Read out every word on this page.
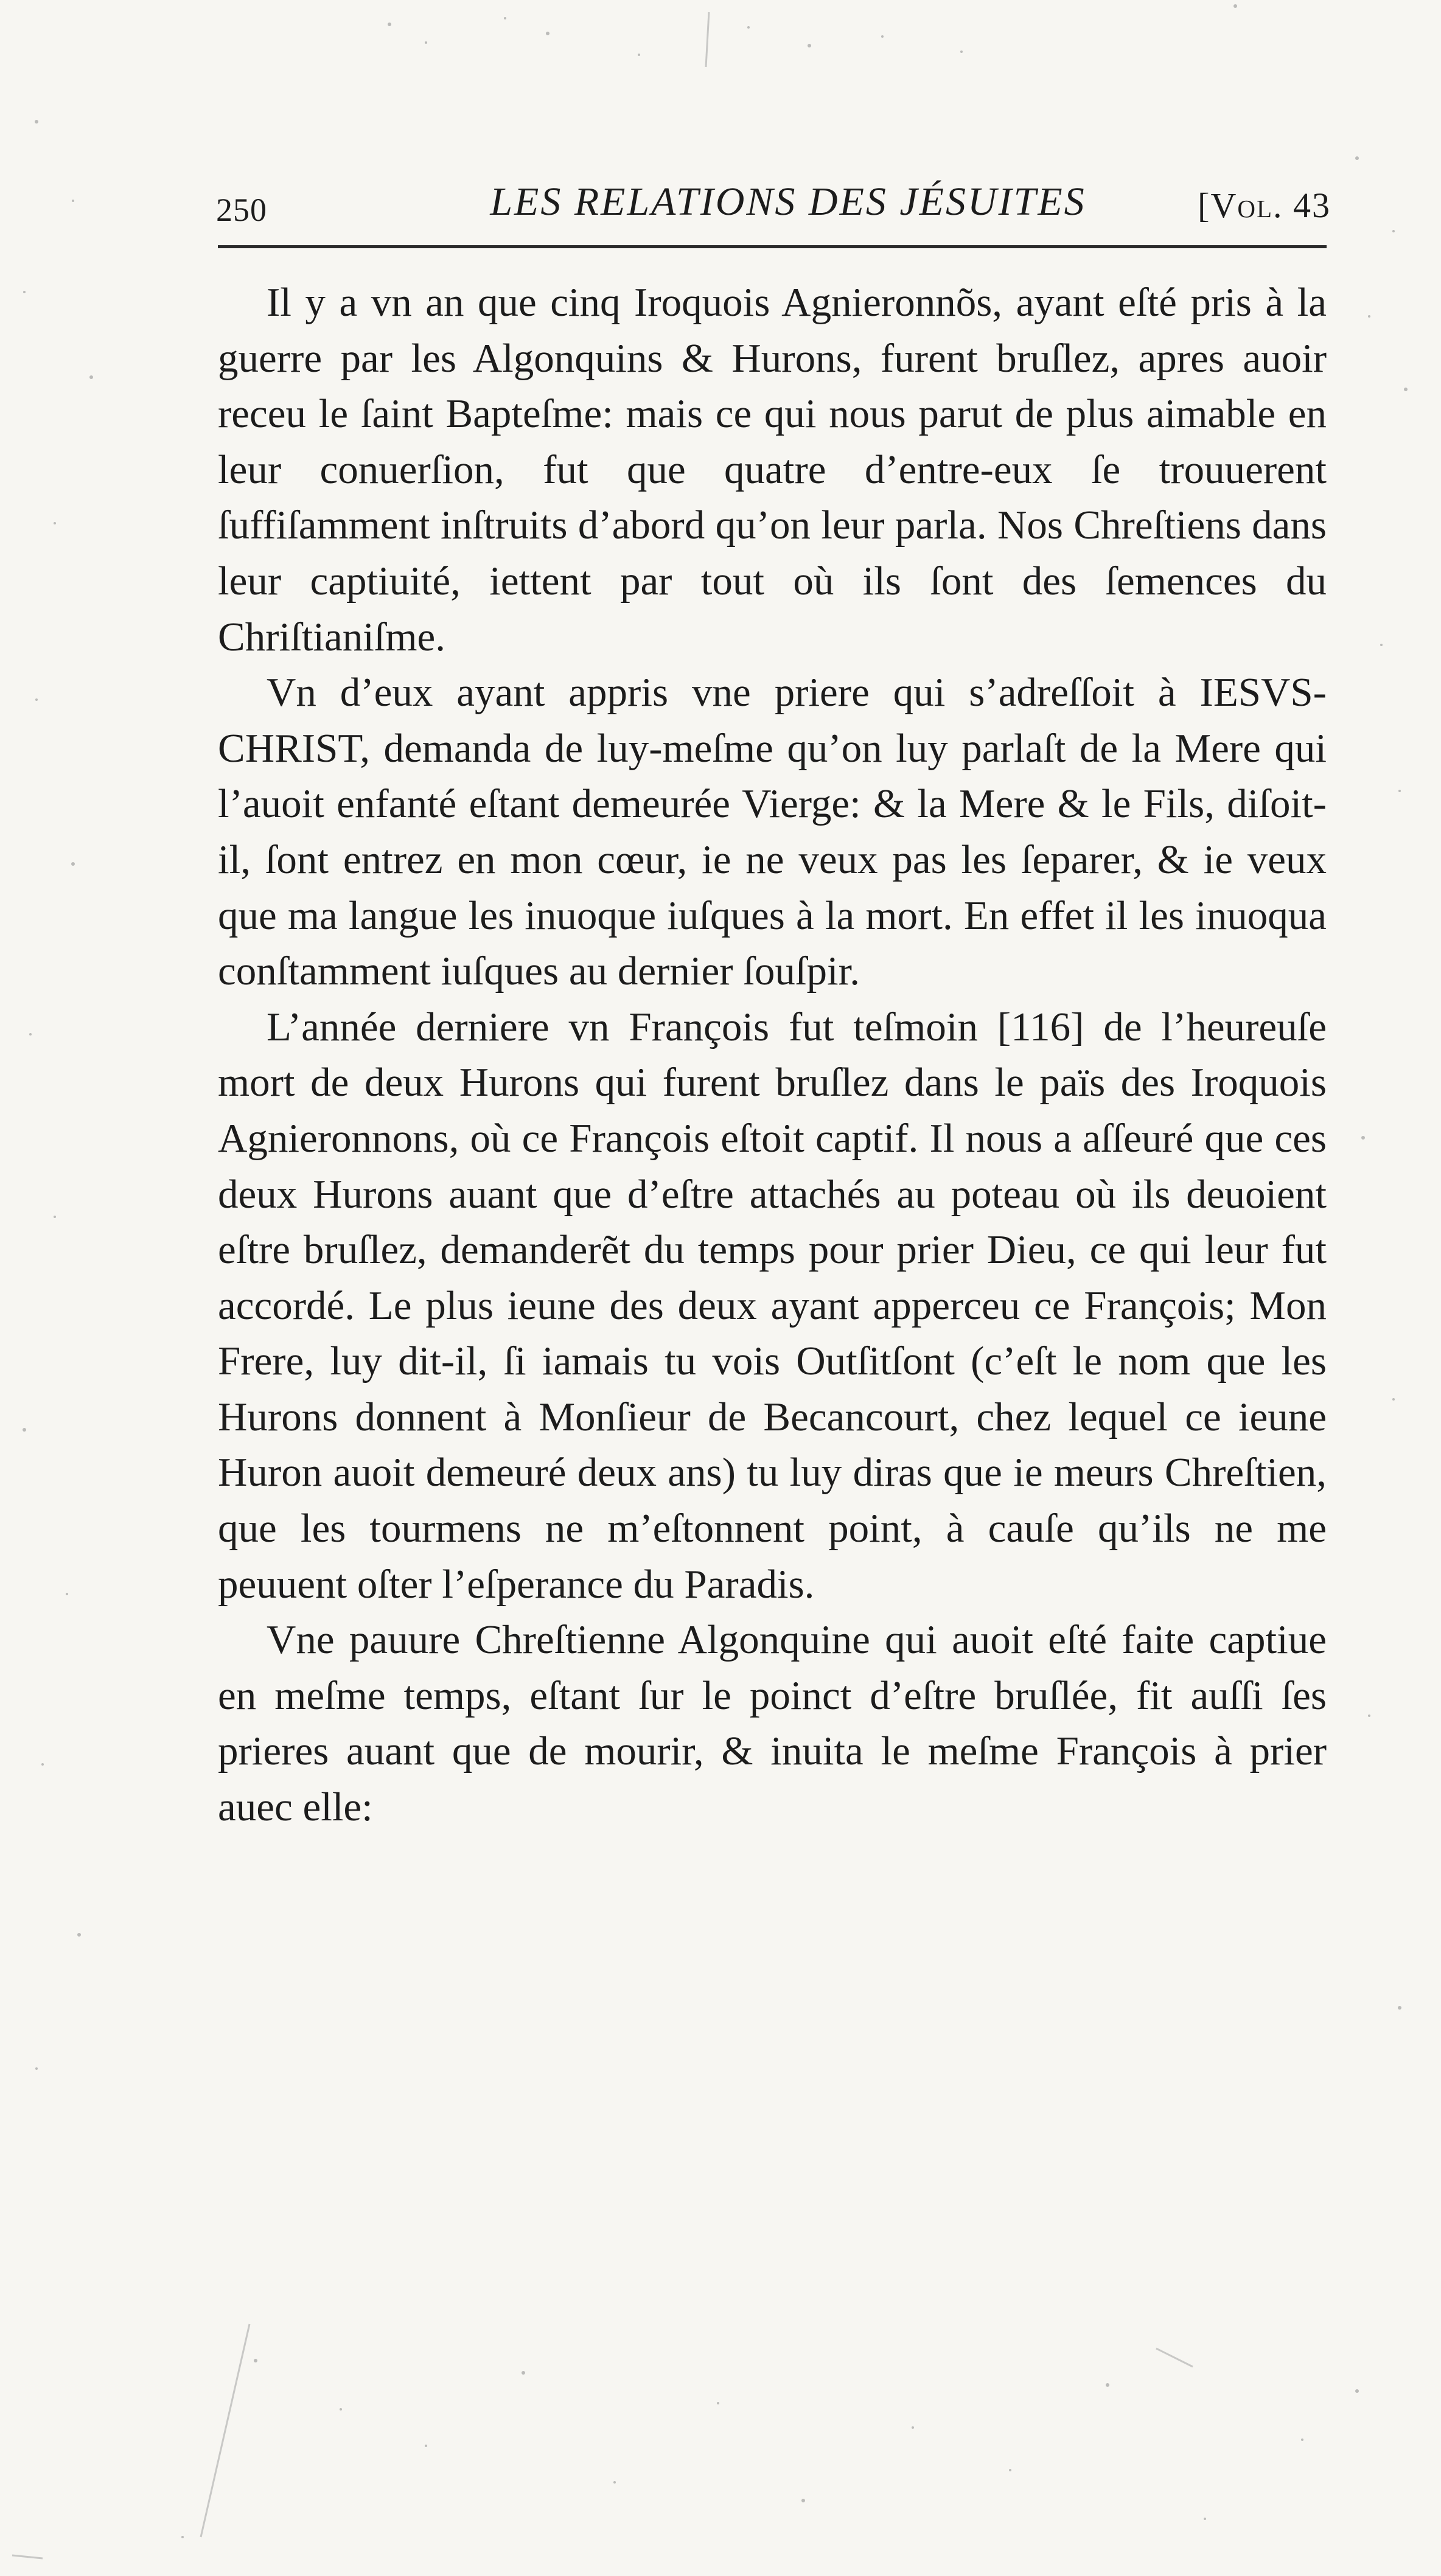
250	LES RELATIONS DES JÉSUITES	[Vol. 43

Il y a vn an que cinq Iroquois Agnieronnõs, ayant eſté pris à la guerre par les Algonquins & Hurons, furent bruſlez, apres auoir receu le ſaint Bapteſme: mais ce qui nous parut de plus aimable en leur conuerſion, fut que quatre d’entre-eux ſe trouuerent ſuffiſamment inſtruits d’abord qu’on leur parla. Nos Chreſtiens dans leur captiuité, iettent par tout où ils ſont des ſemences du Chriſtianiſme.

Vn d’eux ayant appris vne priere qui s’adreſſoit à IESVS-CHRIST, demanda de luy-meſme qu’on luy parlaſt de la Mere qui l’auoit enfanté eſtant demeurée Vierge: & la Mere & le Fils, diſoit-il, ſont entrez en mon cœur, ie ne veux pas les ſeparer, & ie veux que ma langue les inuoque iuſques à la mort. En effet il les inuoqua conſtamment iuſques au dernier ſouſpir.

L’année derniere vn François fut teſmoin [116] de l’heureuſe mort de deux Hurons qui furent bruſlez dans le païs des Iroquois Agnieronnons, où ce François eſtoit captif. Il nous a aſſeuré que ces deux Hurons auant que d’eſtre attachés au poteau où ils deuoient eſtre bruſlez, demanderẽt du temps pour prier Dieu, ce qui leur fut accordé. Le plus ieune des deux ayant apperceu ce François; Mon Frere, luy dit-il, ſi iamais tu vois Outſitſont (c’eſt le nom que les Hurons donnent à Monſieur de Becancourt, chez lequel ce ieune Huron auoit demeuré deux ans) tu luy diras que ie meurs Chreſtien, que les tourmens ne m’eſtonnent point, à cauſe qu’ils ne me peuuent oſter l’eſperance du Paradis.

Vne pauure Chreſtienne Algonquine qui auoit eſté faite captiue en meſme temps, eſtant ſur le poinct d’eſtre bruſlée, fit auſſi ſes prieres auant que de mourir, & inuita le meſme François à prier auec elle:
